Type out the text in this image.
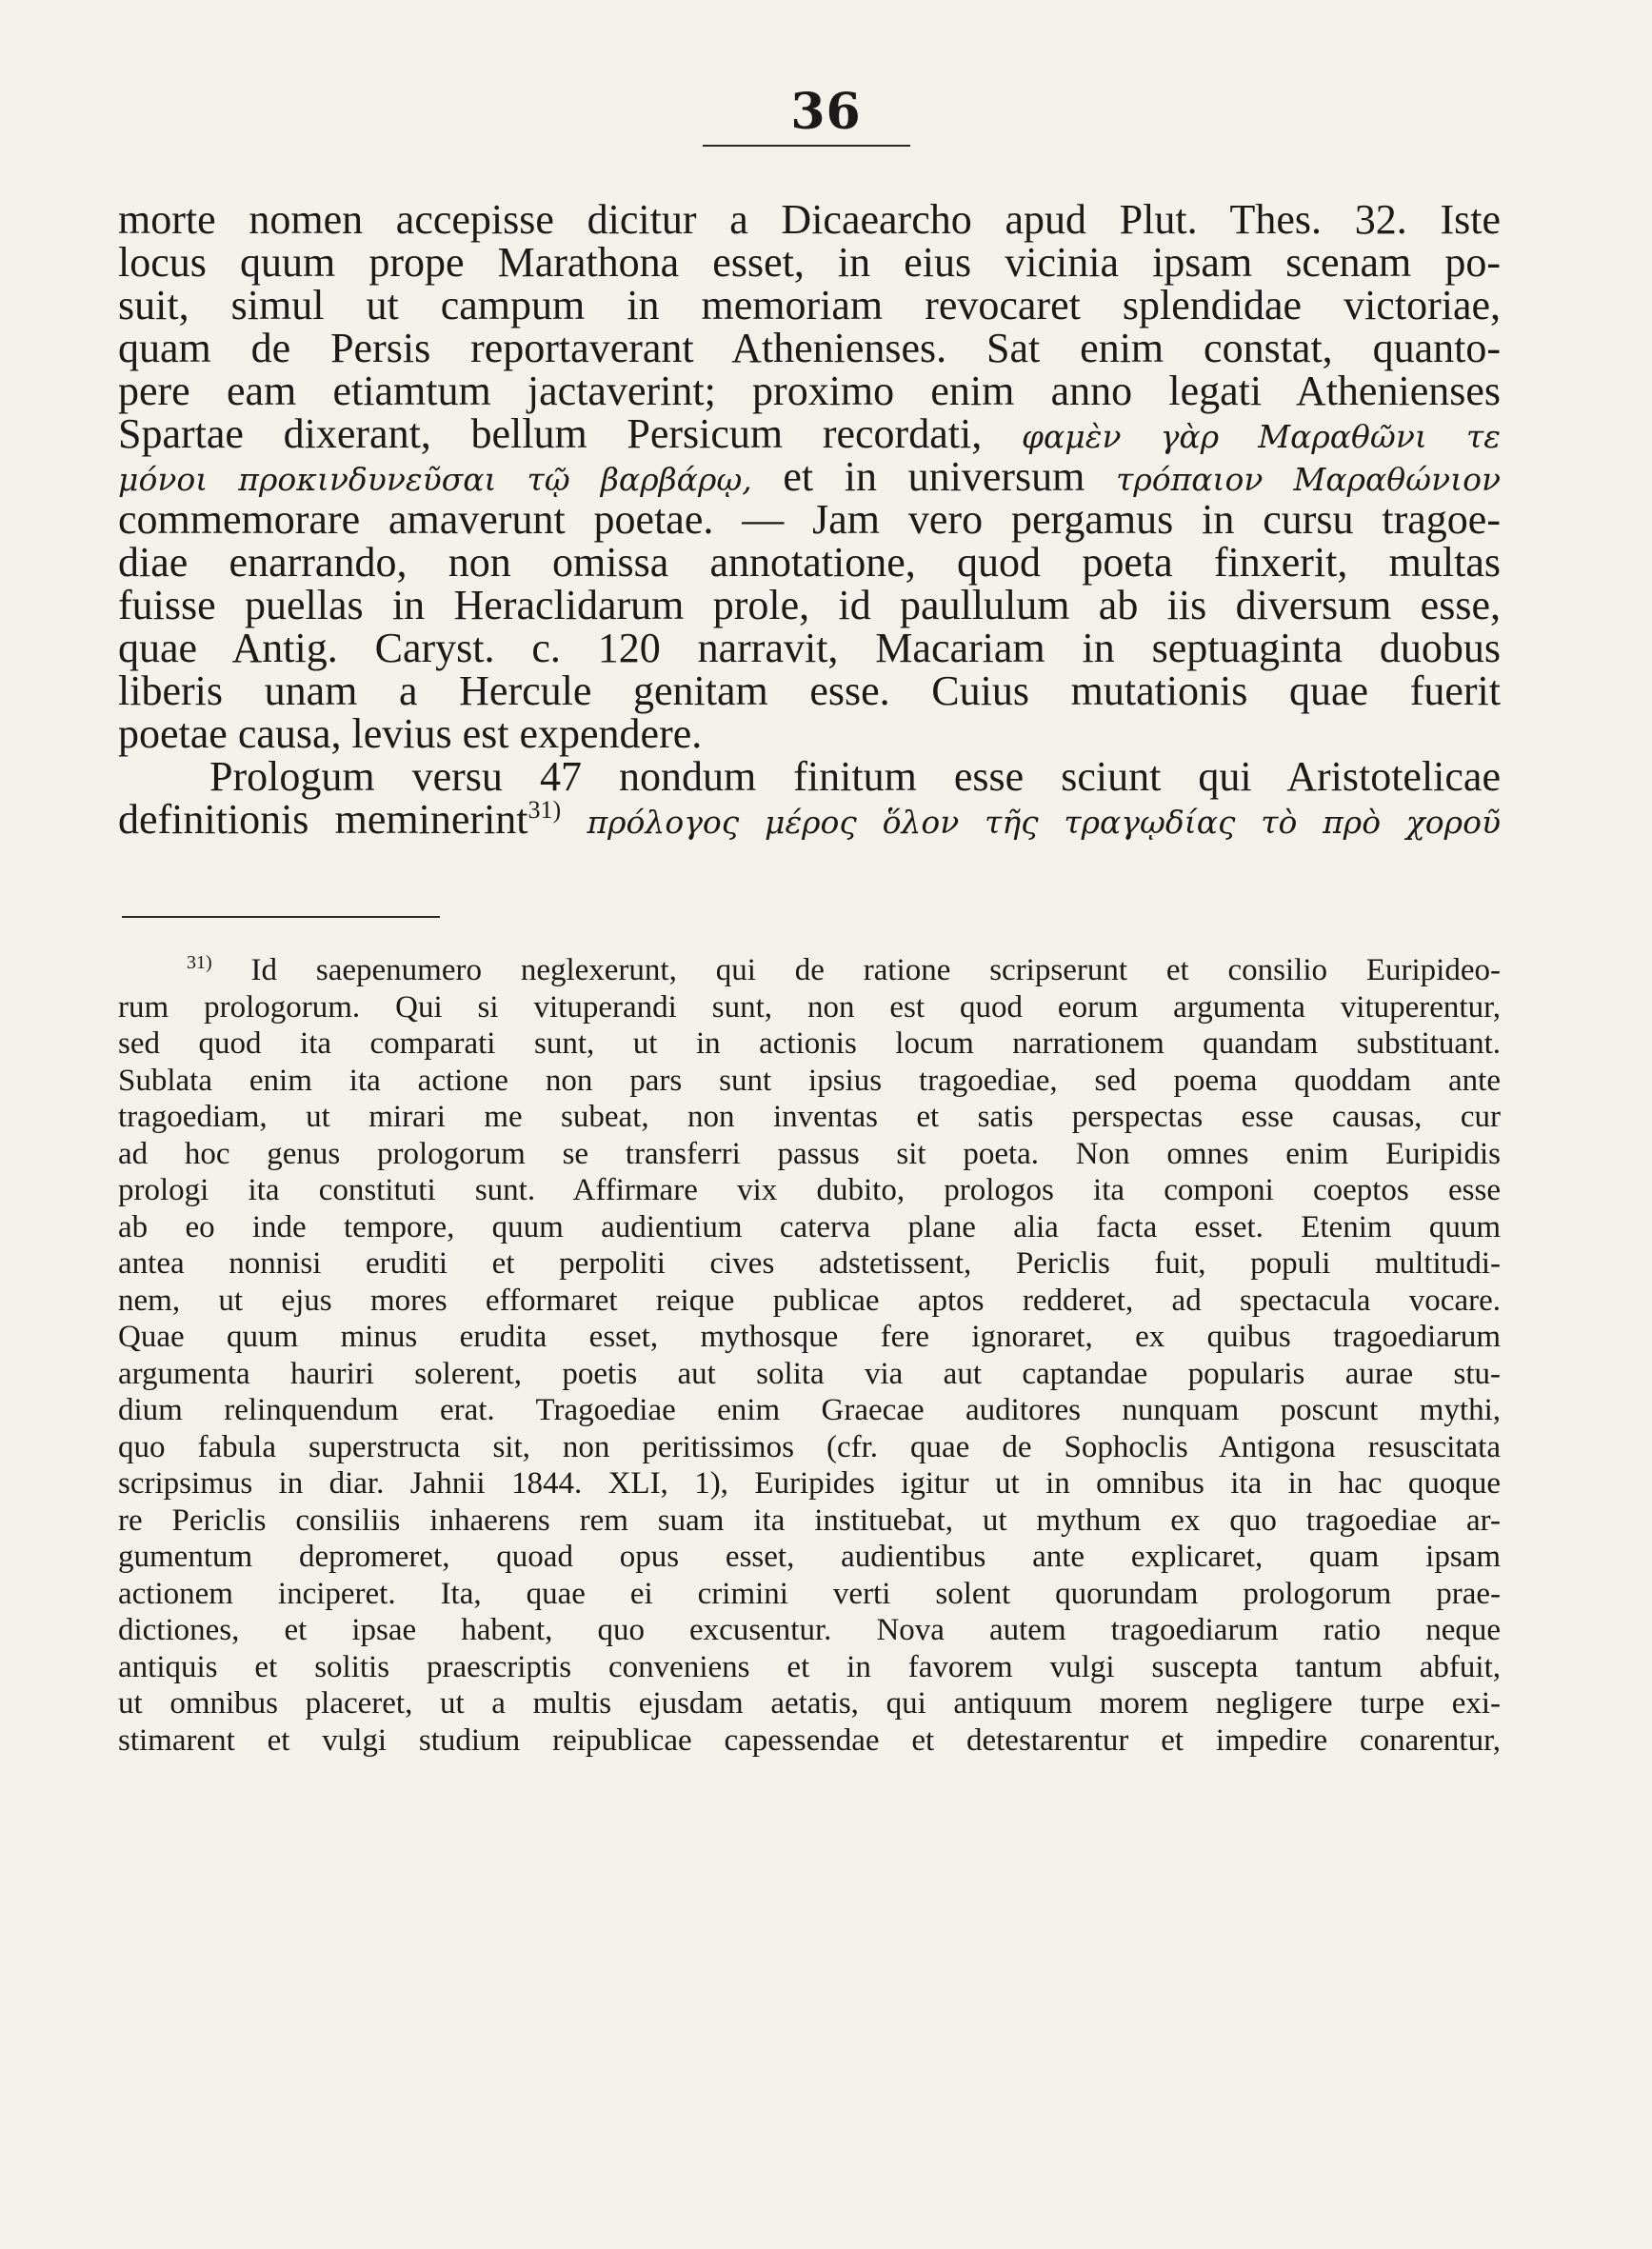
36
morte nomen accepisse dicitur a Dicaearcho apud Plut. Thes. 32. Iste
locus quum prope Marathona esset, in eius vicinia ipsam scenam po-
suit, simul ut campum in memoriam revocaret splendidae victoriae,
quam de Persis reportaverant Athenienses. Sat enim constat, quanto-
pere eam etiamtum jactaverint; proximo enim anno legati Athenienses
Spartae dixerant, bellum Persicum recordati, φαμὲν γὰρ Μαραθῶνι τε
μόνοι προκινδυνεῦσαι τῷ βαρβάρῳ, et in universum τρόπαιον Μαραθώνιον
commemorare amaverunt poetae. — Jam vero pergamus in cursu tragoe-
diae enarrando, non omissa annotatione, quod poeta finxerit, multas
fuisse puellas in Heraclidarum prole, id paullulum ab iis diversum esse,
quae Antig. Caryst. c. 120 narravit, Macariam in septuaginta duobus
liberis unam a Hercule genitam esse. Cuius mutationis quae fuerit
poetae causa, levius est expendere.
Prologum versu 47 nondum finitum esse sciunt qui Aristotelicae
definitionis meminerint$^{31)}$ πρόλογος μέρος ὅλον τῆς τραγῳδίας τὸ πρὸ χοροῦ
$^{31)}$ Id saepenumero neglexerunt, qui de ratione scripserunt et consilio Euripideo-
rum prologorum. Qui si vituperandi sunt, non est quod eorum argumenta vituperentur,
sed quod ita comparati sunt, ut in actionis locum narrationem quandam substituant.
Sublata enim ita actione non pars sunt ipsius tragoediae, sed poema quoddam ante
tragoediam, ut mirari me subeat, non inventas et satis perspectas esse causas, cur
ad hoc genus prologorum se transferri passus sit poeta. Non omnes enim Euripidis
prologi ita constituti sunt. Affirmare vix dubito, prologos ita componi coeptos esse
ab eo inde tempore, quum audientium caterva plane alia facta esset. Etenim quum
antea nonnisi eruditi et perpoliti cives adstetissent, Periclis fuit, populi multitudi-
nem, ut ejus mores efformaret reique publicae aptos redderet, ad spectacula vocare.
Quae quum minus erudita esset, mythosque fere ignoraret, ex quibus tragoediarum
argumenta hauriri solerent, poetis aut solita via aut captandae popularis aurae stu-
dium relinquendum erat. Tragoediae enim Graecae auditores nunquam poscunt mythi,
quo fabula superstructa sit, non peritissimos (cfr. quae de Sophoclis Antigona resuscitata
scripsimus in diar. Jahnii 1844. XLI, 1), Euripides igitur ut in omnibus ita in hac quoque
re Periclis consiliis inhaerens rem suam ita instituebat, ut mythum ex quo tragoediae ar-
gumentum depromeret, quoad opus esset, audientibus ante explicaret, quam ipsam
actionem inciperet. Ita, quae ei crimini verti solent quorundam prologorum prae-
dictiones, et ipsae habent, quo excusentur. Nova autem tragoediarum ratio neque
antiquis et solitis praescriptis conveniens et in favorem vulgi suscepta tantum abfuit,
ut omnibus placeret, ut a multis ejusdam aetatis, qui antiquum morem negligere turpe exi-
stimarent et vulgi studium reipublicae capessendae et detestarentur et impedire conarentur,
